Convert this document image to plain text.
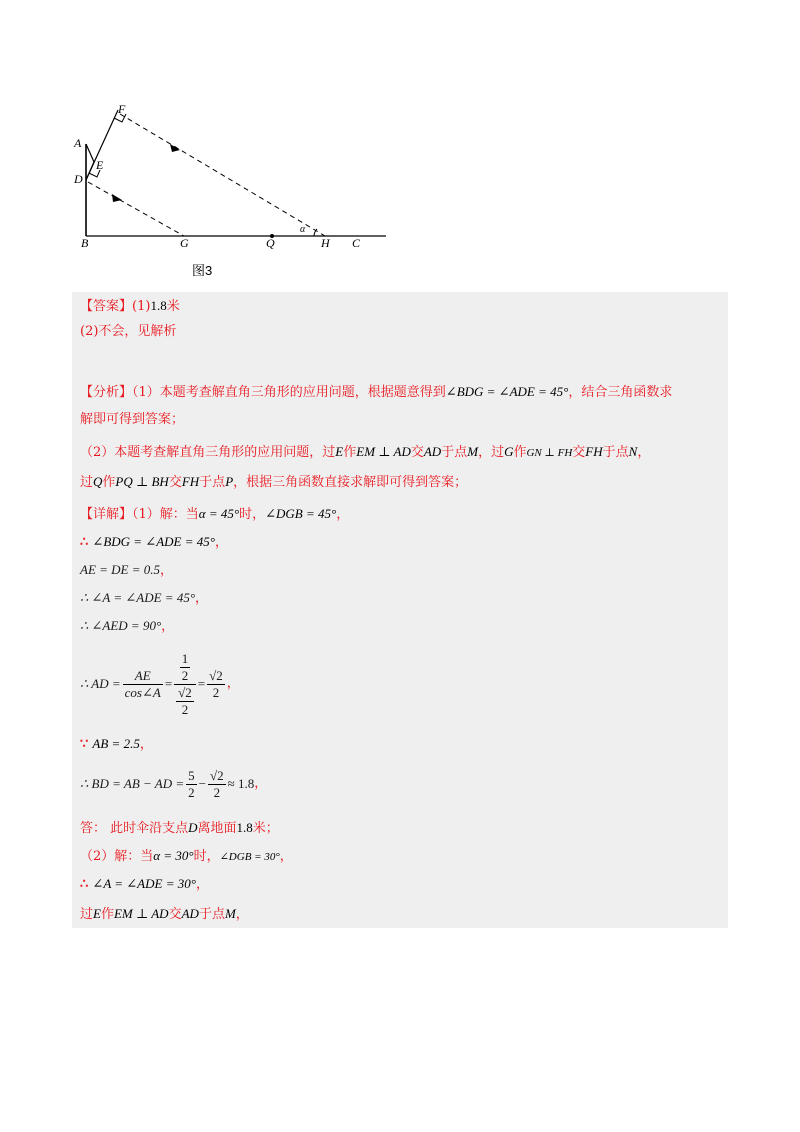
F
A
E
D
B	G	Q	H C
α
图3
【答案】(1)1.8米
(2)不会，见解析
【分析】（1）本题考查解直角三角形的应用问题，根据题意得到∠BDG = ∠ADE = 45°，结合三角函数求
解即可得到答案；
（2）本题考查解直角三角形的应用问题，过E作EM ⊥ AD交AD于点M，过G作GN ⊥ FH交FH于点N，
过Q作PQ ⊥ BH交FH于点P，根据三角函数直接求解即可得到答案；
【详解】（1）解：当α = 45°时，∠DGB = 45°，
∴ ∠BDG = ∠ADE = 45°，
AE = DE = 0.5，
∴ ∠A = ∠ADE = 45°，
∴ ∠AED = 90°，
∴ AD = $\frac{AE}{\cos\angle A} = \frac{\frac{1}{2}}{\frac{√2}{2}} = \frac{√2}{2}$ ，
∵ AB = 2.5，
∴ BD = AB − AD = $\frac{5}{2} - \frac{√2}{2} \approx 1.8$ ，
答： 此时伞沿支点D离地面1.8米；
（2）解：当α = 30°时，∠DGB = 30°，
∴ ∠A = ∠ADE = 30°，
过E作EM ⊥ AD交AD于点M，
